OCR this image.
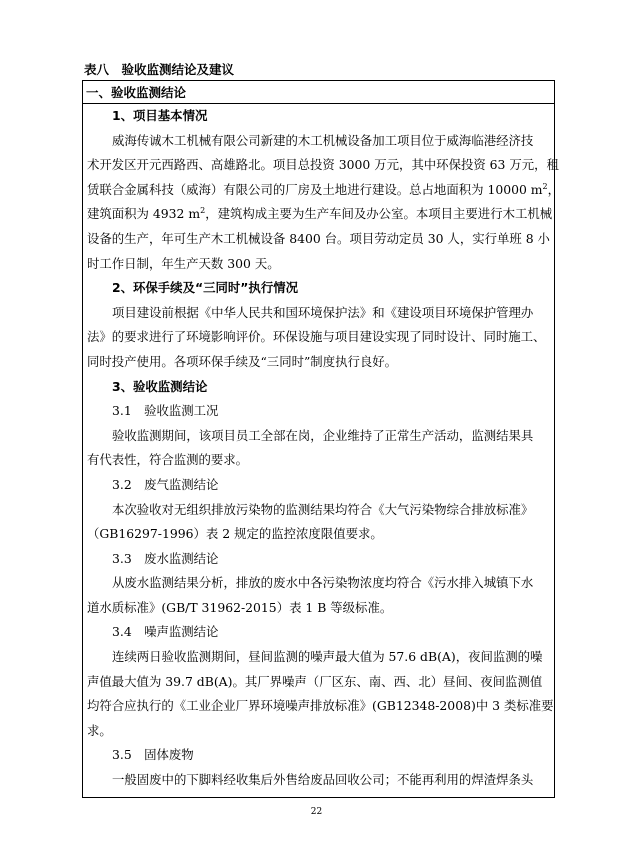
表八　验收监测结论及建议
一、验收监测结论
1、项目基本情况
威海传诚木工机械有限公司新建的木工机械设备加工项目位于威海临港经济技
术开发区开元西路西、高雄路北。项目总投资 3000 万元，其中环保投资 63 万元，租
赁联合金属科技（威海）有限公司的厂房及土地进行建设。总占地面积为 10000 $m^2$，
建筑面积为 4932 $m^2$，建筑构成主要为生产车间及办公室。本项目主要进行木工机械
设备的生产，年可生产木工机械设备 8400 台。项目劳动定员 30 人，实行单班 8 小
时工作日制，年生产天数 300 天。
2、环保手续及“三同时”执行情况
项目建设前根据《中华人民共和国环境保护法》和《建设项目环境保护管理办
法》的要求进行了环境影响评价。环保设施与项目建设实现了同时设计、同时施工、
同时投产使用。各项环保手续及“三同时”制度执行良好。
3、验收监测结论
3.1　验收监测工况
验收监测期间，该项目员工全部在岗，企业维持了正常生产活动，监测结果具
有代表性，符合监测的要求。
3.2　废气监测结论
本次验收对无组织排放污染物的监测结果均符合《大气污染物综合排放标准》
（GB16297-1996）表 2 规定的监控浓度限值要求。
3.3　废水监测结论
从废水监测结果分析，排放的废水中各污染物浓度均符合《污水排入城镇下水
道水质标准》(GB/T 31962-2015）表 1 B 等级标准。
3.4　噪声监测结论
连续两日验收监测期间，昼间监测的噪声最大值为 57.6 dB(A)，夜间监测的噪
声值最大值为 39.7 dB(A)。其厂界噪声（厂区东、南、西、北）昼间、夜间监测值
均符合应执行的《工业企业厂界环境噪声排放标准》(GB12348-2008)中 3 类标准要
求。
3.5　固体废物
一般固废中的下脚料经收集后外售给废品回收公司；不能再利用的焊渣焊条头
22
